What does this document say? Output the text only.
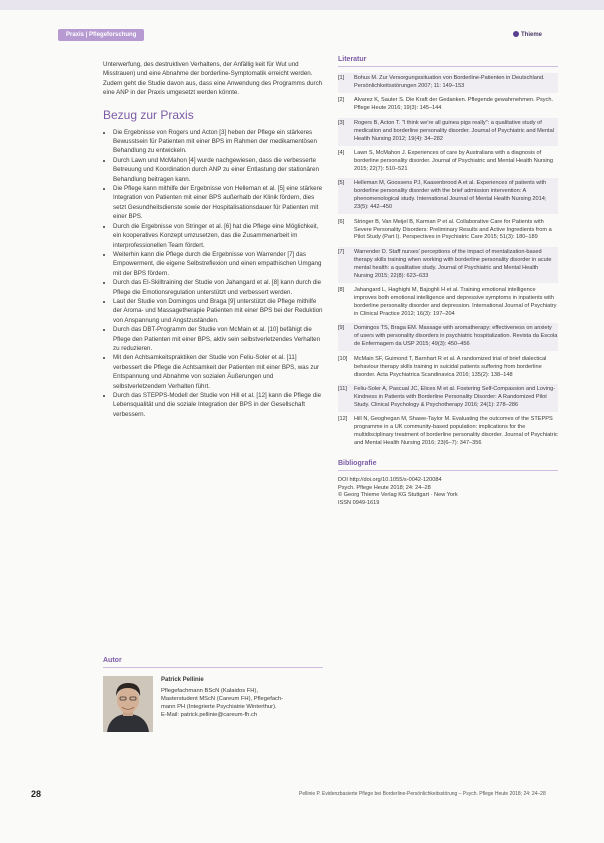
Praxis | Pflegeforschung	Thieme

Unterwerfung, des destruktiven Verhaltens, der Anfällig keit für Wut und Misstrauen) und eine Abnahme der borderline-Symptomatik erreicht werden. Zudem geht die Studie davon aus, dass eine Anwendung des Programms durch eine ANP in der Praxis umgesetzt werden könnte.

Bezug zur Praxis
• Die Ergebnisse von Rogers und Acton [3] heben der Pflege ein stärkeres Bewusstsein für Patienten mit einer BPS im Rahmen der medikamentösen Behandlung zu entwickeln.
• Durch Lawn und McMahon [4] wurde nachgewiesen, dass die verbesserte Betreuung und Koordination durch ANP zu einer Entlastung der stationären Behandlung beitragen kann.
• Die Pflege kann mithilfe der Ergebnisse von Helleman et al. [5] eine stärkere Integration von Patienten mit einer BPS außerhalb der Klinik fördern, dies setzt Gesundheitsdienste sowie der Hospitalisationsdauer für Patienten mit einer BPS.
• Durch die Ergebnisse von Stringer et al. [6] hat die Pflege eine Möglichkeit, ein kooperatives Konzept umzusetzen, das die Zusammenarbeit im interprofessionellen Team fördert.
• Weiterhin kann die Pflege durch die Ergebnisse von Warrender [7] das Empowerment, die eigene Selbstreflexion und einen empathischen Umgang mit der BPS fördern.
• Durch das EI-Skilltraining der Studie von Jahangard et al. [8] kann durch die Pflege die Emotionsregulation unterstützt und verbessert werden.
• Laut der Studie von Domingos und Braga [9] unterstützt die Pflege mithilfe der Aroma- und Massagetherapie Patienten mit einer BPS bei der Reduktion von Anspannung und Angstzuständen.
• Durch das DBT-Programm der Studie von McMain et al. [10] befähigt die Pflege den Patienten mit einer BPS, aktiv sein selbstverletzendes Verhalten zu reduzieren.
• Mit den Achtsamkeitspraktiken der Studie von Feliu-Soler et al. [11] verbessert die Pflege die Achtsamkeit der Patienten mit einer BPS, was zur Entspannung und Abnahme von sozialen Äußerungen und selbstverletzendem Verhalten führt.
• Durch das STEPPS-Modell der Studie von Hill et al. [12] kann die Pflege die Lebensqualität und die soziale Integration der BPS in der Gesellschaft verbessern.
Literatur
[1]	Bohus M. Zur Versorgungssituation von Borderline-Patienten in Deutschland. Persönlichkeitsstörungen 2007; 11: 149–153
[2]	Alvarez K, Sauter S. Die Kraft der Gedanken. Pflegende gewahrnehmen. Psych. Pflege Heute 2016; 19(3): 145–144
[3]	Rogers B, Acton T. "I think we're all guinea pigs really": a qualitative study of medication and borderline personality disorder. Journal of Psychiatric and Mental Health Nursing 2012; 19(4): 34–282
[4]	Lawn S, McMahon J. Experiences of care by Australians with a diagnosis of borderline personality disorder. Journal of Psychiatric and Mental Health Nursing 2015; 22(7): 510–521
[5]	Helleman M, Goossens PJ, Kaasenbrood A et al. Experiences of patients with borderline personality disorder with the brief admission intervention: A phenomenological study. International Journal of Mental Health Nursing 2014; 23(5): 442–450
[6]	Stringer B, Van Meijel B, Karman P et al. Collaborative Care for Patients with Severe Personality Disorders: Preliminary Results and Active Ingredients from a Pilot Study (Part I). Perspectives in Psychiatric Care 2015; 51(3): 180–189
[7]	Warrender D. Staff nurses' perceptions of the impact of mentalization-based therapy skills training when working with borderline personality disorder in acute mental health: a qualitative study. Journal of Psychiatric and Mental Health Nursing 2015; 22(8): 623–633
[8]	Jahangard L, Haghighi M, Bajoghli H et al. Training emotional intelligence improves both emotional intelligence and depressive symptoms in inpatients with borderline personality disorder and depression. International Journal of Psychiatry in Clinical Practice 2012; 16(3): 197–204
[9]	Domingos TS, Braga EM. Massage with aromatherapy: effectiveness on anxiety of users with personality disorders in psychiatric hospitalization. Revista da Escola de Enfermagem da USP 2015; 49(3): 450–456
[10]	McMain SF, Guimond T, Barnhart R et al. A randomized trial of brief dialectical behaviour therapy skills training in suicidal patients suffering from borderline disorder. Acta Psychiatrica Scandinavica 2016; 135(2): 138–148
[11]	Feliu-Soler A, Pascual JC, Elices M et al. Fostering Self-Compassion and Loving-Kindness in Patients with Borderline Personality Disorder: A Randomized Pilot Study. Clinical Psychology & Psychotherapy 2016; 24(1): 278–286
[12]	Hill N, Geoghegan M, Shawe-Taylor M. Evaluating the outcomes of the STEPPS programme in a UK community-based population: implications for the multidisciplinary treatment of borderline personality disorder. Journal of Psychiatric and Mental Health Nursing 2016; 23(6–7): 347–356
Bibliografie
DOI http://doi.org/10.1055/s-0042-120084
Psych. Pflege Heute 2018; 24: 24–28
© Georg Thieme Verlag KG Stuttgart · New York
ISSN 0949-1619
Autor
Patrick Pellinie
Pflegefachmann BScN (Kalaidos FH),
Masterstudent MScN (Careum FH), Pflegefach-
mann PH (Integrierte Psychiatrie Winterthur).
E-Mail: patrick.pellinie@careum-fh.ch
28	Pellinie P. Evidenzbasierte Pflege bei Borderline-Persönlichkeitsstörung – Psych. Pflege Heute 2018; 24: 24–28
